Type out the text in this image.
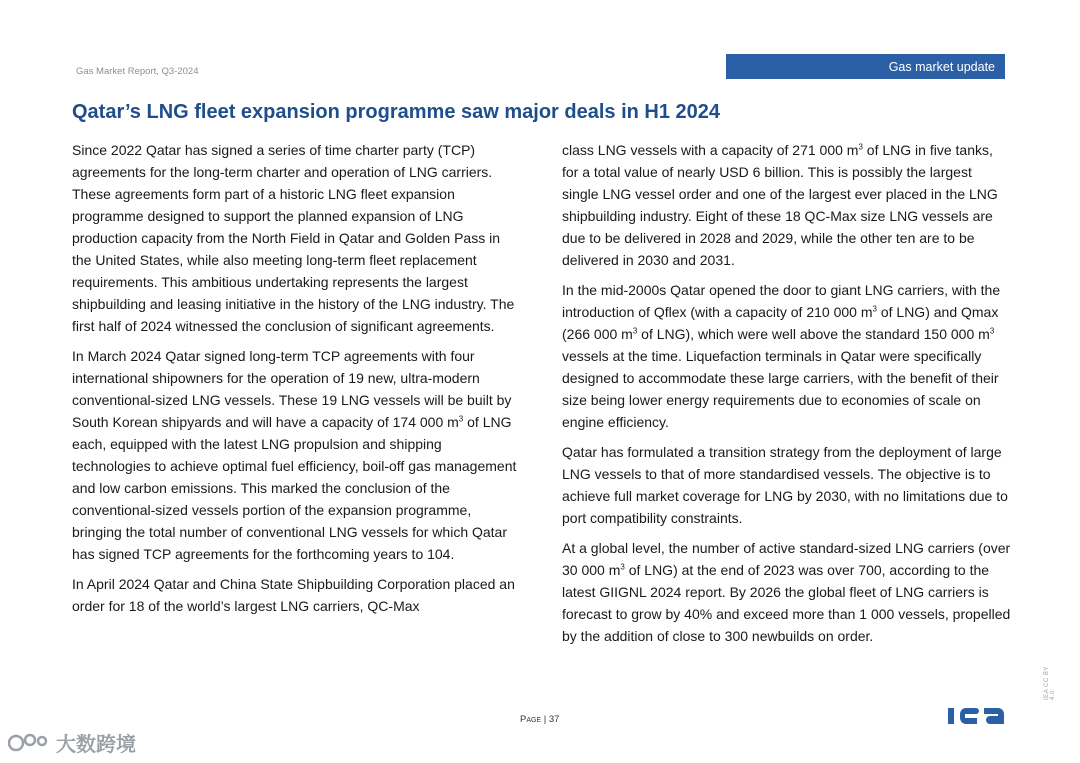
Gas Market Report, Q3-2024	Gas market update
Qatar’s LNG fleet expansion programme saw major deals in H1 2024

Since 2022 Qatar has signed a series of time charter party (TCP) agreements for the long-term charter and operation of LNG carriers. These agreements form part of a historic LNG fleet expansion programme designed to support the planned expansion of LNG production capacity from the North Field in Qatar and Golden Pass in the United States, while also meeting long-term fleet replacement requirements. This ambitious undertaking represents the largest shipbuilding and leasing initiative in the history of the LNG industry. The first half of 2024 witnessed the conclusion of significant agreements.

In March 2024 Qatar signed long-term TCP agreements with four international shipowners for the operation of 19 new, ultra-modern conventional-sized LNG vessels. These 19 LNG vessels will be built by South Korean shipyards and will have a capacity of 174 000 $m^3$ of LNG each, equipped with the latest LNG propulsion and shipping technologies to achieve optimal fuel efficiency, boil-off gas management and low carbon emissions. This marked the conclusion of the conventional-sized vessels portion of the expansion programme, bringing the total number of conventional LNG vessels for which Qatar has signed TCP agreements for the forthcoming years to 104.

In April 2024 Qatar and China State Shipbuilding Corporation placed an order for 18 of the world’s largest LNG carriers, QC-Max

class LNG vessels with a capacity of 271 000 $m^3$ of LNG in five tanks, for a total value of nearly USD 6 billion. This is possibly the largest single LNG vessel order and one of the largest ever placed in the LNG shipbuilding industry. Eight of these 18 QC-Max size LNG vessels are due to be delivered in 2028 and 2029, while the other ten are to be delivered in 2030 and 2031.

In the mid-2000s Qatar opened the door to giant LNG carriers, with the introduction of Qflex (with a capacity of 210 000 $m^3$ of LNG) and Qmax (266 000 $m^3$ of LNG), which were well above the standard 150 000 $m^3$ vessels at the time. Liquefaction terminals in Qatar were specifically designed to accommodate these large carriers, with the benefit of their size being lower energy requirements due to economies of scale on engine efficiency.

Qatar has formulated a transition strategy from the deployment of large LNG vessels to that of more standardised vessels. The objective is to achieve full market coverage for LNG by 2030, with no limitations due to port compatibility constraints.

At a global level, the number of active standard-sized LNG carriers (over 30 000 $m^3$ of LNG) at the end of 2023 was over 700, according to the latest GIIGNL 2024 report. By 2026 the global fleet of LNG carriers is forecast to grow by 40% and exceed more than 1 000 vessels, propelled by the addition of close to 300 newbuilds on order.

Page | 37
IEA CC BY 4.0
大数跨境
